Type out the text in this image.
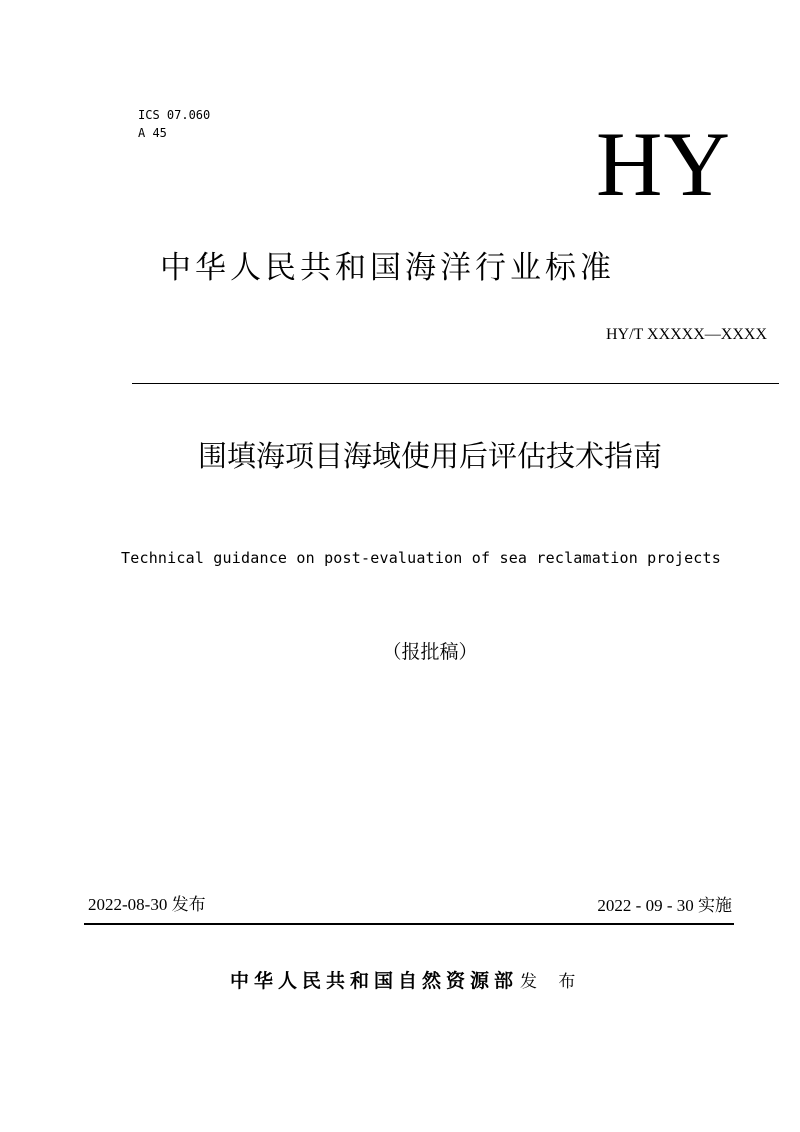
ICS 07.060
A 45	HY
中华人民共和国海洋行业标准
HY/T XXXXX—XXXX
围填海项目海域使用后评估技术指南
Technical guidance on post-evaluation of sea reclamation projects
（报批稿）
2022-08-30 发布	2022 - 09 - 30 实施
中华人民共和国自然资源部 发 布
